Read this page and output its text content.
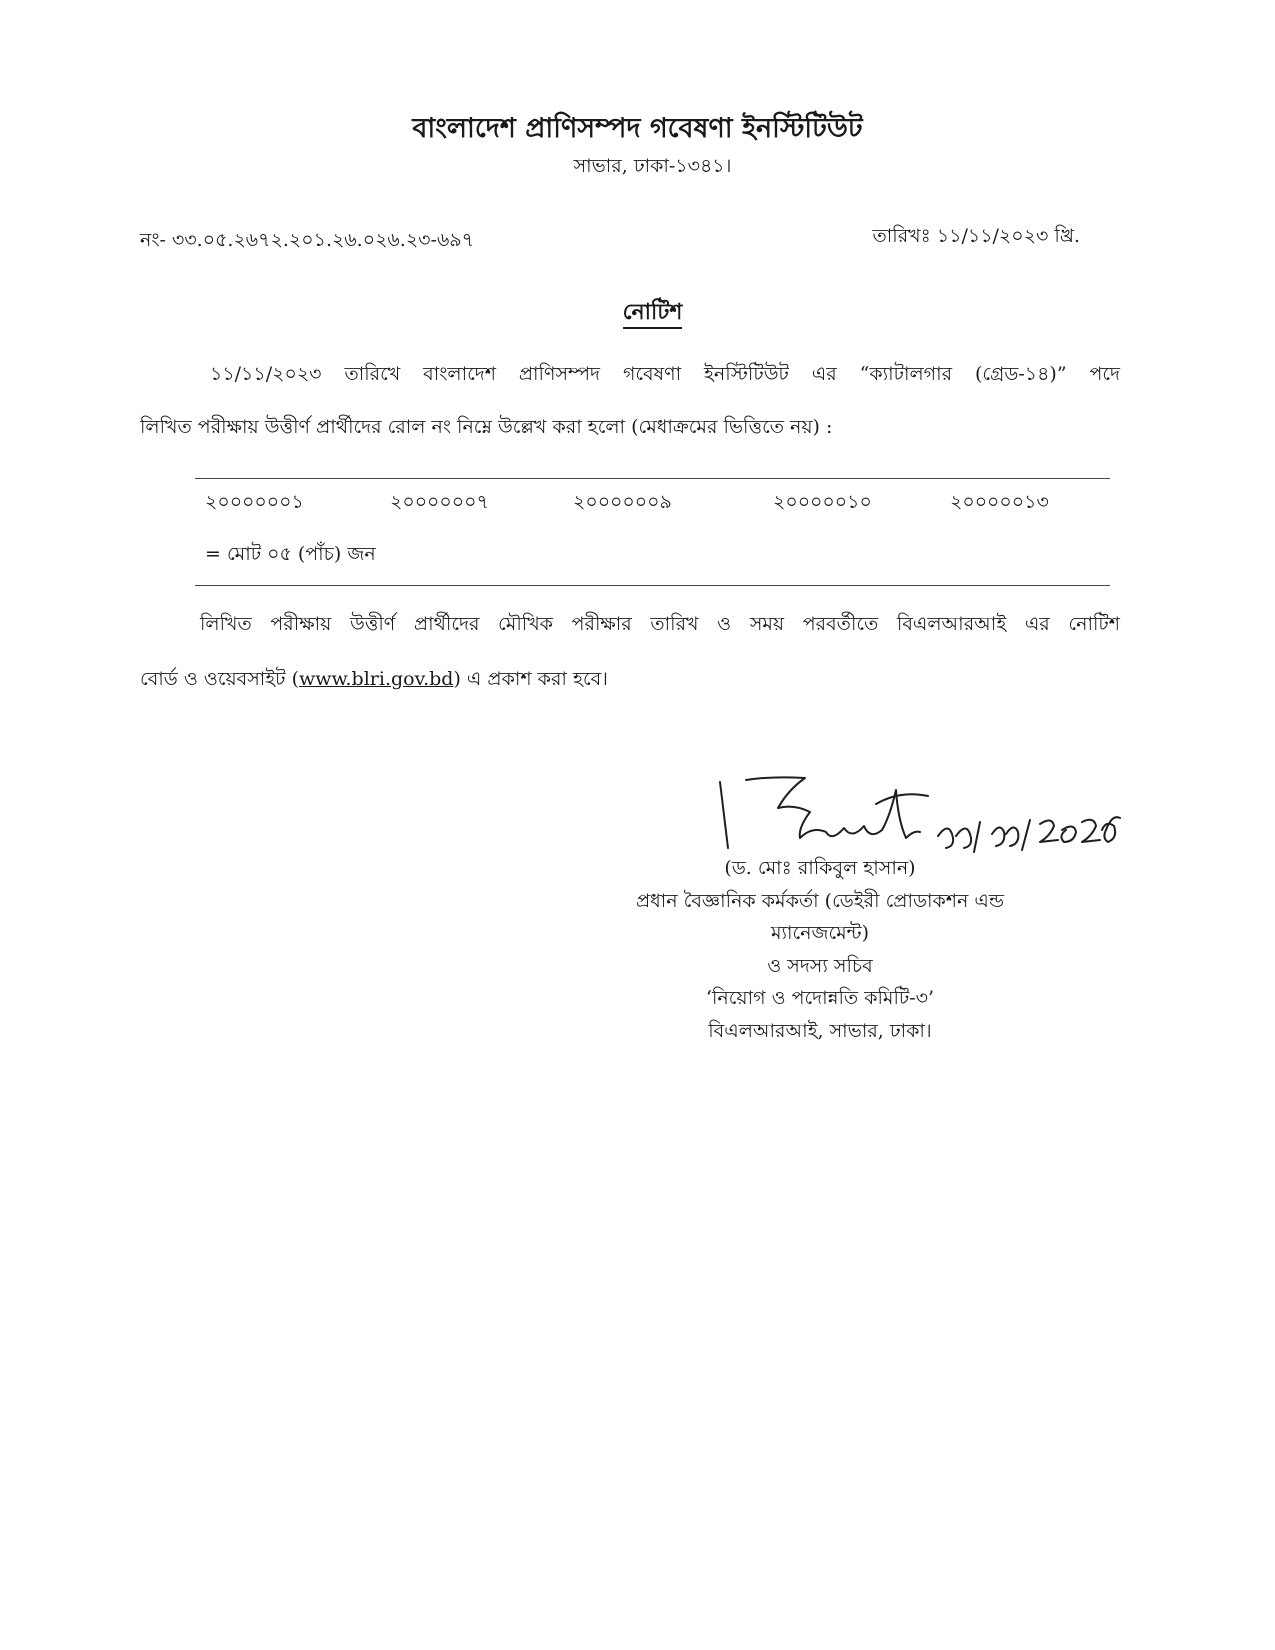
বাংলাদেশ প্রাণিসম্পদ গবেষণা ইনস্টিটিউট
সাভার, ঢাকা-১৩৪১।
নং- ৩৩.০৫.২৬৭২.২০১.২৬.০২৬.২৩-৬৯৭	তারিখঃ ১১/১১/২০২৩ খ্রি.
নোটিশ
১১/১১/২০২৩ তারিখে বাংলাদেশ প্রাণিসম্পদ গবেষণা ইনস্টিটিউট এর “ক্যাটালগার (গ্রেড-১৪)” পদে
লিখিত পরীক্ষায় উত্তীর্ণ প্রার্থীদের রোল নং নিম্নে উল্লেখ করা হলো (মেধাক্রমের ভিত্তিতে নয়) :
২০০০০০০১	২০০০০০০৭	২০০০০০০৯	২০০০০০১০	২০০০০০১৩
= মোট ০৫ (পাঁচ) জন
লিখিত পরীক্ষায় উত্তীর্ণ প্রার্থীদের মৌখিক পরীক্ষার তারিখ ও সময় পরবর্তীতে বিএলআরআই এর নোটিশ
বোর্ড ও ওয়েবসাইট (www.blri.gov.bd) এ প্রকাশ করা হবে।
(ড. মোঃ রাকিবুল হাসান)
প্রধান বৈজ্ঞানিক কর্মকর্তা (ডেইরী প্রোডাকশন এন্ড
ম্যানেজমেন্ট)
ও সদস্য সচিব
‘নিয়োগ ও পদোন্নতি কমিটি-৩’
বিএলআরআই, সাভার, ঢাকা।
